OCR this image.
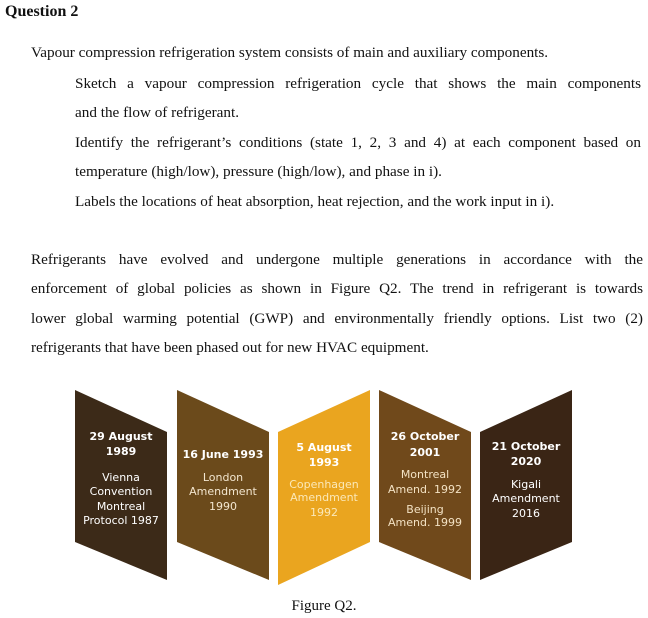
Question 2
Vapour compression refrigeration system consists of main and auxiliary components.
Sketch a vapour compression refrigeration cycle that shows the main components
and the flow of refrigerant.
Identify the refrigerant’s conditions (state 1, 2, 3 and 4) at each component based on
temperature (high/low), pressure (high/low), and phase in i).
Labels the locations of heat absorption, heat rejection, and the work input in i).
Refrigerants have evolved and undergone multiple generations in accordance with the
enforcement of global policies as shown in Figure Q2. The trend in refrigerant is towards
lower global warming potential (GWP) and environmentally friendly options. List two (2)
refrigerants that have been phased out for new HVAC equipment.
29 August
1989
Vienna
Convention
Montreal
Protocol 1987
16 June 1993
London
Amendment
1990
5 August
1993
Copenhagen
Amendment
1992
26 October
2001
Montreal
Amend. 1992
Beijing
Amend. 1999
21 October
2020
Kigali
Amendment
2016
Figure Q2.
